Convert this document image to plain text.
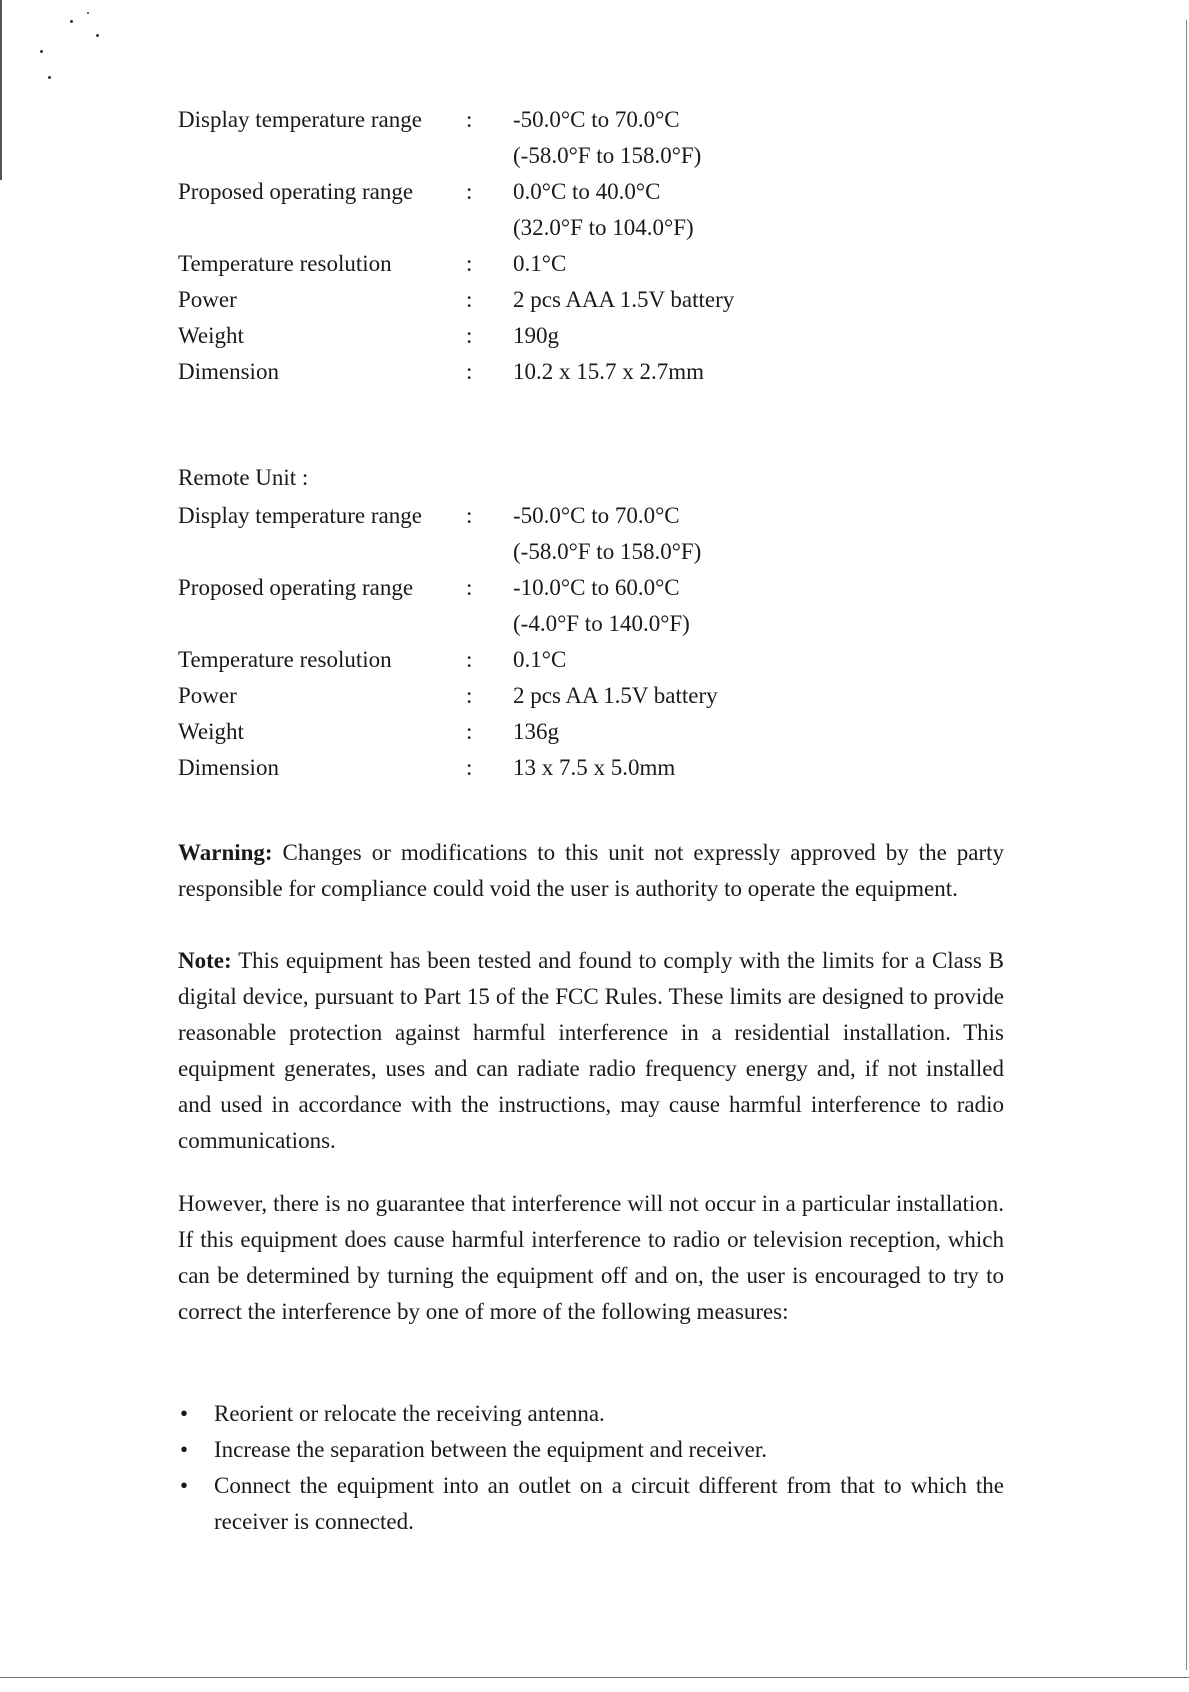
Display temperature range : -50.0°C to 70.0°C
(-58.0°F to 158.0°F)
Proposed operating range : 0.0°C to 40.0°C
(32.0°F to 104.0°F)
Temperature resolution	: 0.1°C
Power	: 2 pcs AAA 1.5V battery
Weight	: 190g
Dimension	: 10.2 x 15.7 x 2.7mm
Remote Unit :
Display temperature range : -50.0°C to 70.0°C
(-58.0°F to 158.0°F)
Proposed operating range : -10.0°C to 60.0°C
(-4.0°F to 140.0°F)
Temperature resolution	: 0.1°C
Power	: 2 pcs AA 1.5V battery
Weight	: 136g
Dimension	: 13 x 7.5 x 5.0mm

Warning: Changes or modifications to this unit not expressly approved by the party responsible for compliance could void the user is authority to operate the equipment.

Note: This equipment has been tested and found to comply with the limits for a Class B digital device, pursuant to Part 15 of the FCC Rules. These limits are designed to provide reasonable protection against harmful interference in a residential installation. This equipment generates, uses and can radiate radio frequency energy and, if not installed and used in accordance with the instructions, may cause harmful interference to radio communications.

However, there is no guarantee that interference will not occur in a particular installation. If this equipment does cause harmful interference to radio or television reception, which can be determined by turning the equipment off and on, the user is encouraged to try to correct the interference by one of more of the following measures:

• Reorient or relocate the receiving antenna.
• Increase the separation between the equipment and receiver.
• Connect the equipment into an outlet on a circuit different from that to which the receiver is connected.
